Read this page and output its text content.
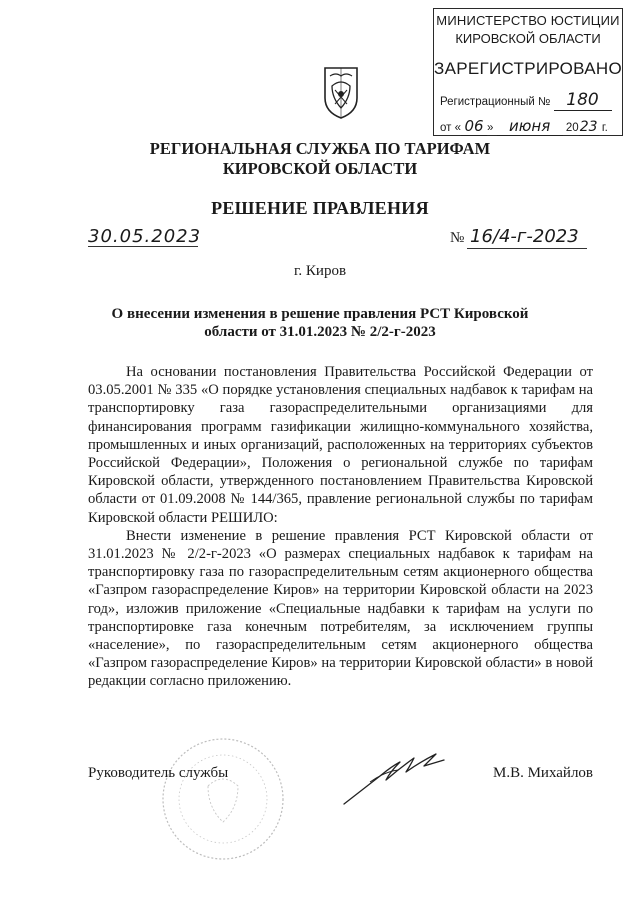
МИНИСТЕРСТВО ЮСТИЦИИ
КИРОВСКОЙ ОБЛАСТИ
ЗАРЕГИСТРИРОВАНО
Регистрационный № 180
от « 06 » июня 2023 г.
РЕГИОНАЛЬНАЯ СЛУЖБА ПО ТАРИФАМ
КИРОВСКОЙ ОБЛАСТИ
РЕШЕНИЕ ПРАВЛЕНИЯ
30.05.2023	№ 16/4-г-2023
г. Киров
О внесении изменения в решение правления РСТ Кировской
области от 31.01.2023 № 2/2-г-2023

На основании постановления Правительства Российской Федерации от 03.05.2001 № 335 «О порядке установления специальных надбавок к тарифам на транспортировку газа газораспределительными организациями для финансирования программ газификации жилищно-коммунального хозяйства, промышленных и иных организаций, расположенных на территориях субъектов Российской Федерации», Положения о региональной службе по тарифам Кировской области, утвержденного постановлением Правительства Кировской области от 01.09.2008 № 144/365, правление региональной службы по тарифам Кировской области РЕШИЛО:

Внести изменение в решение правления РСТ Кировской области от 31.01.2023 № 2/2-г-2023 «О размерах специальных надбавок к тарифам на транспортировку газа по газораспределительным сетям акционерного общества «Газпром газораспределение Киров» на территории Кировской области на 2023 год», изложив приложение «Специальные надбавки к тарифам на услуги по транспортировке газа конечным потребителям, за исключением группы «население», по газораспределительным сетям акционерного общества «Газпром газораспределение Киров» на территории Кировской области» в новой редакции согласно приложению.

Руководитель службы	М.В. Михайлов
